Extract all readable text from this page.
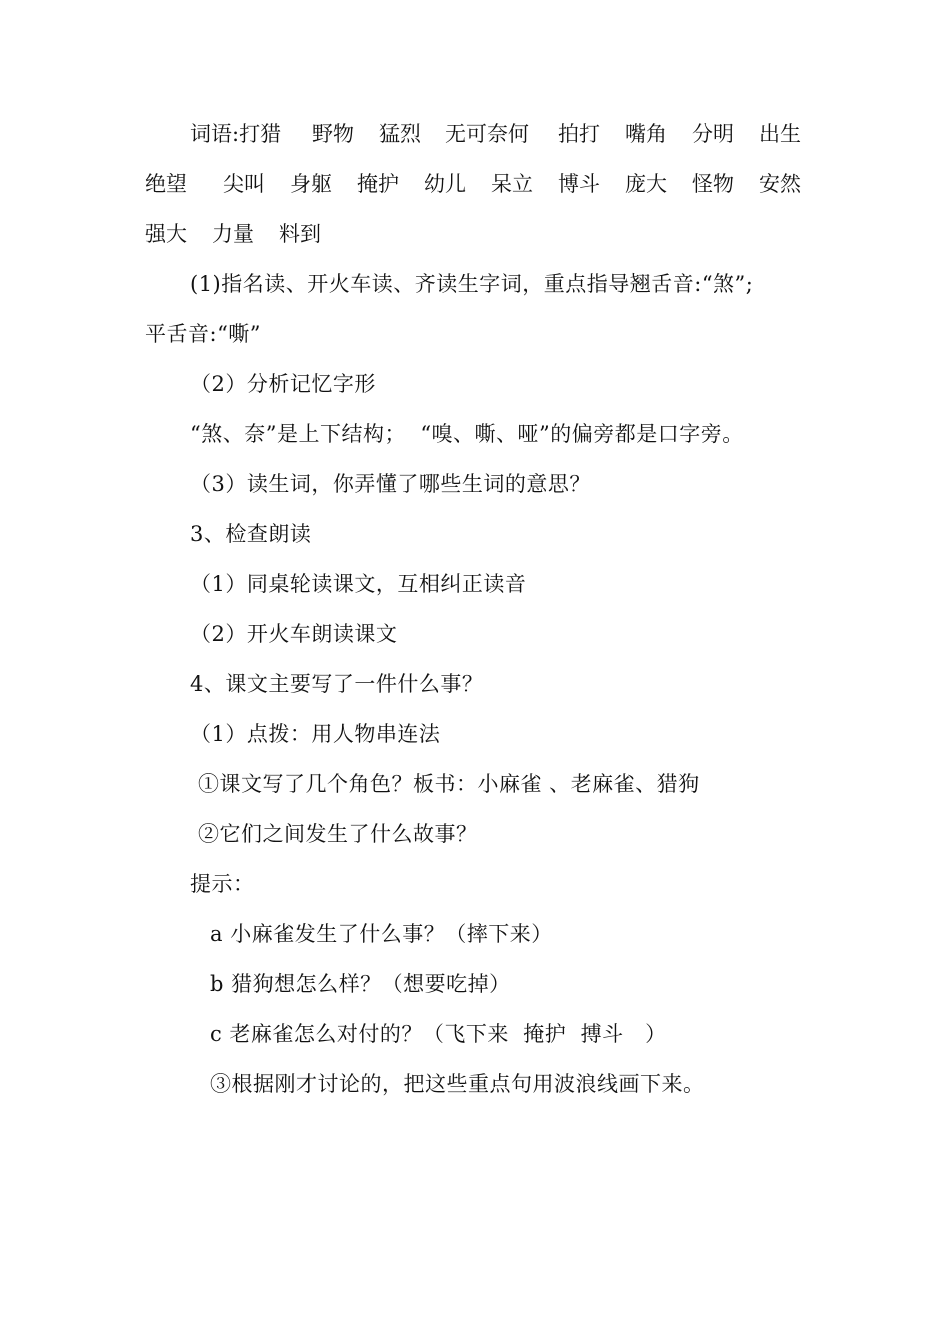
词语:打猎 野物 猛烈 无可奈何 拍打 嘴角 分明 出生
绝望 尖叫 身躯 掩护 幼儿 呆立 博斗 庞大 怪物 安然
强大 力量 料到
(1)指名读、开火车读、齐读生字词，重点指导翘舌音:“煞”;
平舌音:“嘶”
（2）分析记忆字形
“煞、奈”是上下结构；  “嗅、嘶、哑”的偏旁都是口字旁。
（3）读生词，你弄懂了哪些生词的意思？
3、检查朗读
（1）同桌轮读课文，互相纠正读音
（2）开火车朗读课文
4、课文主要写了一件什么事？
（1）点拨：用人物串连法
①课文写了几个角色？板书：小麻雀 、老麻雀、猎狗
②它们之间发生了什么故事？
提示：
a 小麻雀发生了什么事？（摔下来）
b 猎狗想怎么样？（想要吃掉）
c 老麻雀怎么对付的？（飞下来  掩护  搏斗   ）
③根据刚才讨论的，把这些重点句用波浪线画下来。
